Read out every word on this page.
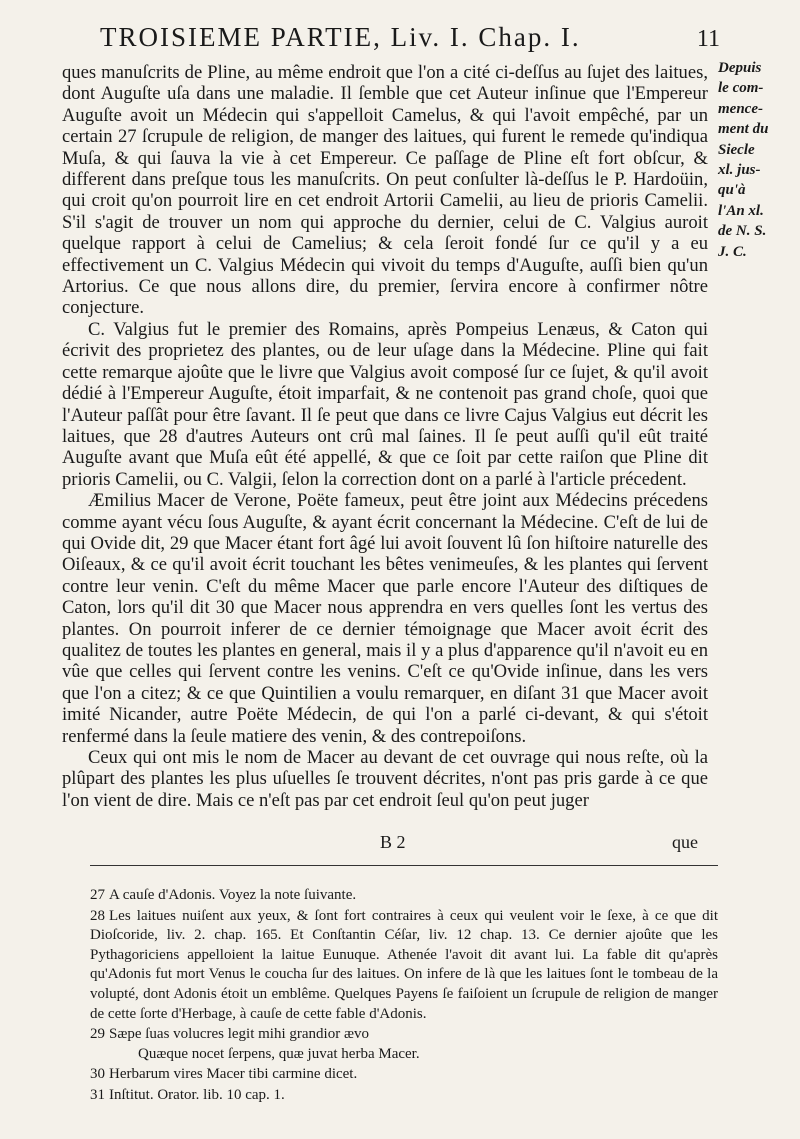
TROISIEME PARTIE, Liv. I. Chap. I.	11
Depuis
le com-
mence-
ment du
Siecle
xl. jus-
qu'à
l'An xl.
de N. S.
J. C.

ques manuſcrits de Pline, au même endroit que l'on a cité ci-deſſus au ſujet des laitues, dont Auguſte uſa dans une maladie. Il ſemble que cet Auteur inſinue que l'Empereur Auguſte avoit un Médecin qui s'appelloit Camelus, & qui l'avoit empêché, par un certain 27 ſcrupule de religion, de manger des laitues, qui furent le remede qu'indiqua Muſa, & qui ſauva la vie à cet Empereur. Ce paſſage de Pline eſt fort obſcur, & different dans preſque tous les manuſcrits. On peut conſulter là-deſſus le P. Hardoüin, qui croit qu'on pourroit lire en cet endroit Artorii Camelii, au lieu de prioris Camelii. S'il s'agit de trouver un nom qui approche du dernier, celui de C. Valgius auroit quelque rapport à celui de Camelius; & cela ſeroit fondé ſur ce qu'il y a eu effectivement un C. Valgius Médecin qui vivoit du temps d'Auguſte, auſſi bien qu'un Artorius. Ce que nous allons dire, du premier, ſervira encore à confirmer nôtre conjecture.

C. Valgius fut le premier des Romains, après Pompeius Lenæus, & Caton qui écrivit des proprietez des plantes, ou de leur uſage dans la Médecine. Pline qui fait cette remarque ajoûte que le livre que Valgius avoit composé ſur ce ſujet, & qu'il avoit dédié à l'Empereur Auguſte, étoit imparfait, & ne contenoit pas grand choſe, quoi que l'Auteur paſſât pour être ſavant. Il ſe peut que dans ce livre Cajus Valgius eut décrit les laitues, que 28 d'autres Auteurs ont crû mal ſaines. Il ſe peut auſſi qu'il eût traité Auguſte avant que Muſa eût été appellé, & que ce ſoit par cette raiſon que Pline dit prioris Camelii, ou C. Valgii, ſelon la correction dont on a parlé à l'article précedent.

Æmilius Macer de Verone, Poëte fameux, peut être joint aux Médecins précedens comme ayant vécu ſous Auguſte, & ayant écrit concernant la Médecine. C'eſt de lui de qui Ovide dit, 29 que Macer étant fort âgé lui avoit ſouvent lû ſon hiſtoire naturelle des Oiſeaux, & ce qu'il avoit écrit touchant les bêtes venimeuſes, & les plantes qui ſervent contre leur venin. C'eſt du même Macer que parle encore l'Auteur des diſtiques de Caton, lors qu'il dit 30 que Macer nous apprendra en vers quelles ſont les vertus des plantes. On pourroit inferer de ce dernier témoignage que Macer avoit écrit des qualitez de toutes les plantes en general, mais il y a plus d'apparence qu'il n'avoit eu en vûe que celles qui ſervent contre les venins. C'eſt ce qu'Ovide inſinue, dans les vers que l'on a citez; & ce que Quintilien a voulu remarquer, en diſant 31 que Macer avoit imité Nicander, autre Poëte Médecin, de qui l'on a parlé ci-devant, & qui s'étoit renfermé dans la ſeule matiere des venin, & des contrepoiſons.

Ceux qui ont mis le nom de Macer au devant de cet ouvrage qui nous reſte, où la plûpart des plantes les plus uſuelles ſe trouvent décrites, n'ont pas pris garde à ce que l'on vient de dire. Mais ce n'eſt pas par cet endroit ſeul qu'on peut juger

B 2	que
27 A cauſe d'Adonis. Voyez la note ſuivante.
28 Les laitues nuiſent aux yeux, & ſont fort contraires à ceux qui veulent voir le ſexe, à ce que dit Dioſcoride, liv. 2. chap. 165. Et Conſtantin Céſar, liv. 12 chap. 13. Ce dernier ajoûte que les Pythagoriciens appelloient la laitue Eunuque. Athenée l'avoit dit avant lui. La fable dit qu'après qu'Adonis fut mort Venus le coucha ſur des laitues. On infere de là que les laitues ſont le tombeau de la volupté, dont Adonis étoit un emblême. Quelques Payens ſe faiſoient un ſcrupule de religion de manger de cette ſorte d'Herbage, à cauſe de cette fable d'Adonis.
29 Sæpe ſuas volucres legit mihi grandior ævo
Quæque nocet ſerpens, quæ juvat herba Macer.
30 Herbarum vires Macer tibi carmine dicet.
31 Inſtitut. Orator. lib. 10 cap. 1.
